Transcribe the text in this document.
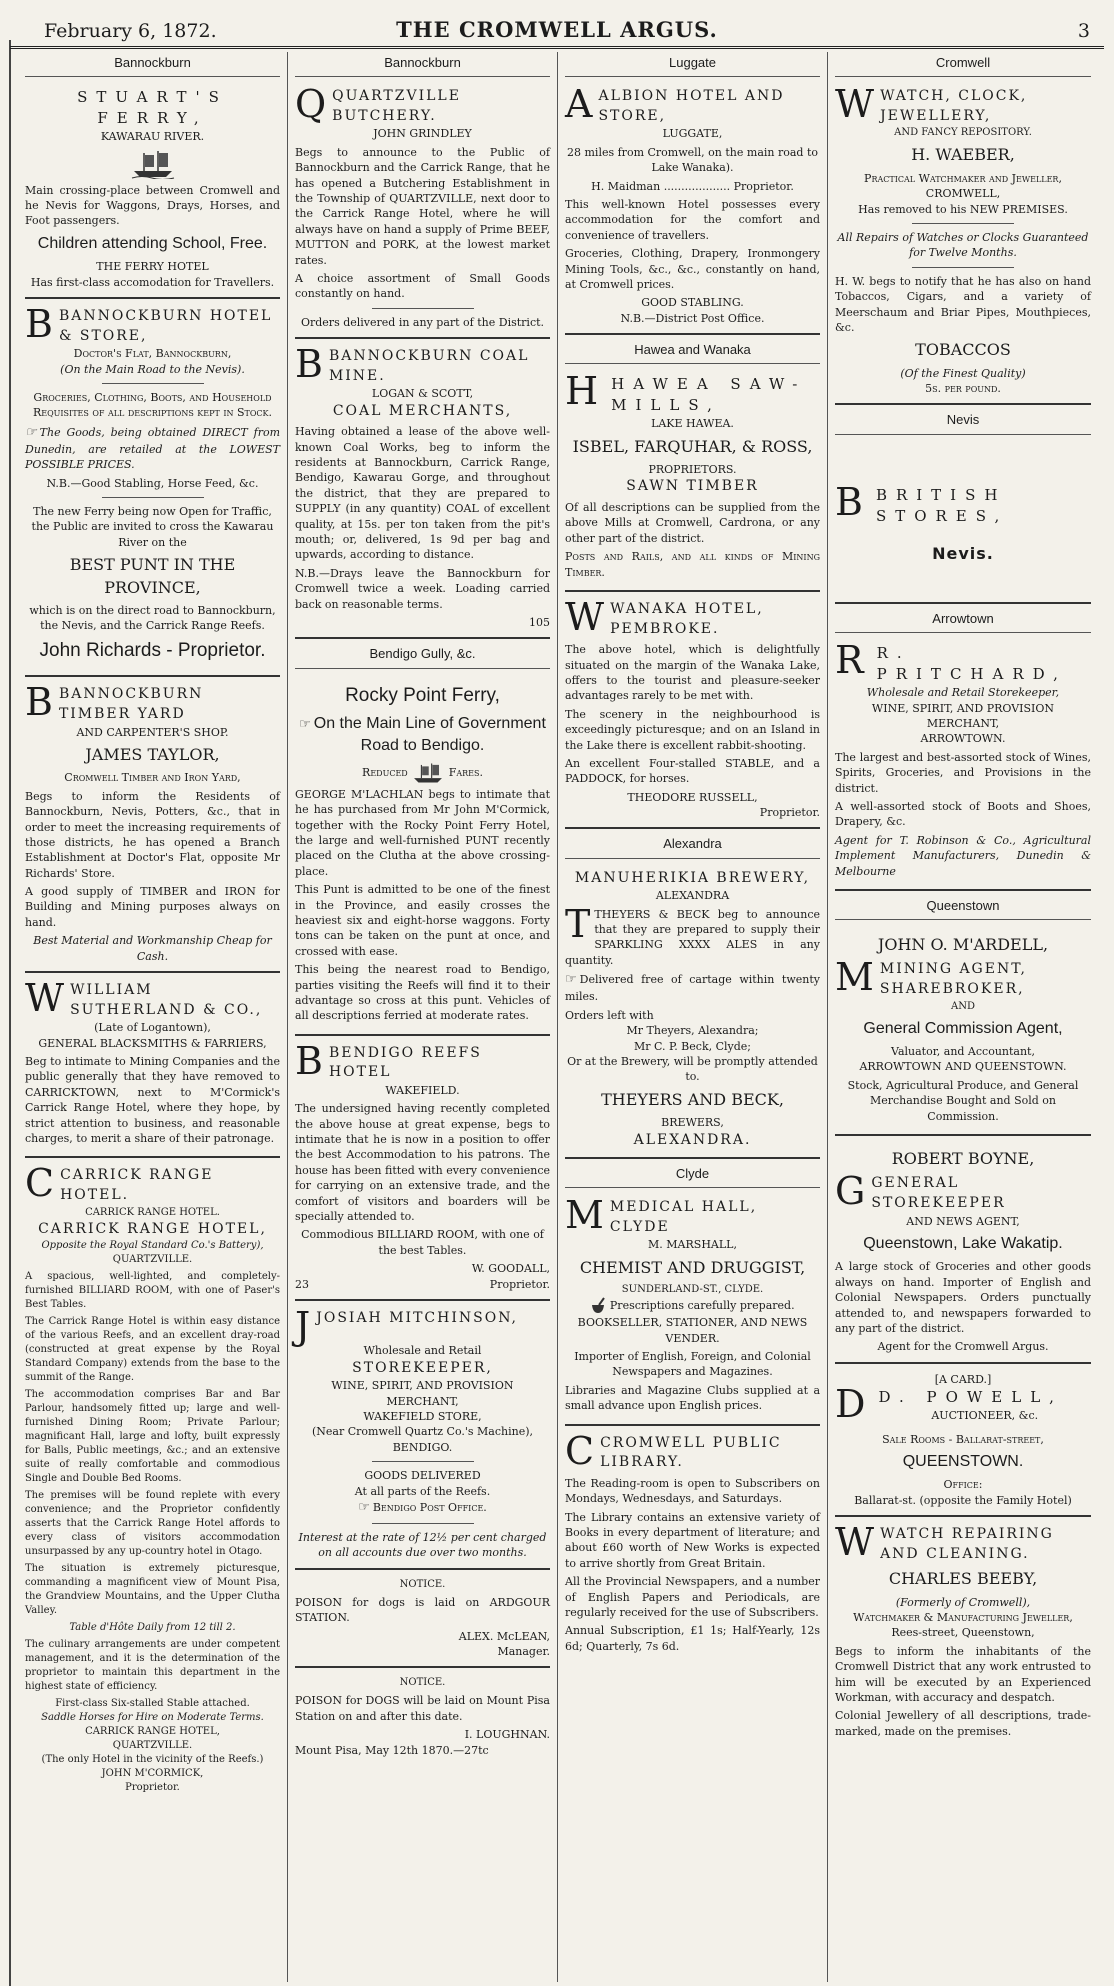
February 6, 1872.	THE CROMWELL ARGUS.	3
Bannockburn
STUART'S FERRY,
KAWARAU RIVER.

Main crossing-place between Cromwell and he Nevis for Waggons, Drays, Horses, and Foot passengers.

Children attending School, Free.
THE FERRY HOTEL
Has first-class accomodation for Travellers.
BBANNOCKBURN HOTEL & STORE,
Doctor's Flat, Bannockburn,
(On the Main Road to the Nevis).

Groceries, Clothing, Boots, and Household Requisites of all descriptions kept in Stock.

☞ The Goods, being obtained DIRECT from Dunedin, are retailed at the LOWEST POSSIBLE PRICES.

N.B.—Good Stabling, Horse Feed, &c.

The new Ferry being now Open for Traffic, the Public are invited to cross the Kawarau River on the

BEST PUNT IN THE PROVINCE,

which is on the direct road to Bannockburn, the Nevis, and the Carrick Range Reefs.

John Richards - Proprietor.
BBANNOCKBURN TIMBER YARD
AND CARPENTER'S SHOP.
JAMES TAYLOR,
Cromwell Timber and Iron Yard,

Begs to inform the Residents of Bannockburn, Nevis, Potters, &c., that in order to meet the increasing requirements of those districts, he has opened a Branch Establishment at Doctor's Flat, opposite Mr Richards' Store.

A good supply of TIMBER and IRON for Building and Mining purposes always on hand.

Best Material and Workmanship Cheap for Cash.
WWILLIAM SUTHERLAND & CO.,
(Late of Logantown),
GENERAL BLACKSMITHS & FARRIERS,

Beg to intimate to Mining Companies and the public generally that they have removed to CARRICKTOWN, next to M'Cormick's Carrick Range Hotel, where they hope, by strict attention to business, and reasonable charges, to merit a share of their patronage.

CCARRICK RANGE HOTEL.
CARRICK RANGE HOTEL.
CARRICK RANGE HOTEL,
Opposite the Royal Standard Co.'s Battery),
QUARTZVILLE.

A spacious, well-lighted, and completely-furnished BILLIARD ROOM, with one of Paser's Best Tables.

The Carrick Range Hotel is within easy distance of the various Reefs, and an excellent dray-road (constructed at great expense by the Royal Standard Company) extends from the base to the summit of the Range.

The accommodation comprises Bar and Bar Parlour, handsomely fitted up; large and well-furnished Dining Room; Private Parlour; magnificant Hall, large and lofty, built expressly for Balls, Public meetings, &c.; and an extensive suite of really comfortable and commodious Single and Double Bed Rooms.

The premises will be found replete with every convenience; and the Proprietor confidently asserts that the Carrick Range Hotel affords to every class of visitors accommodation unsurpassed by any up-country hotel in Otago.

The situation is extremely picturesque, commanding a magnificent view of Mount Pisa, the Grandview Mountains, and the Upper Clutha Valley.

Table d'Hôte Daily from 12 till 2.

The culinary arrangements are under competent management, and it is the determination of the proprietor to maintain this department in the highest state of efficiency.

First-class Six-stalled Stable attached.
Saddle Horses for Hire on Moderate Terms.
CARRICK RANGE HOTEL,
QUARTZVILLE.
(The only Hotel in the vicinity of the Reefs.)
JOHN M'CORMICK,
Proprietor.
Bannockburn
QQUARTZVILLE BUTCHERY.
JOHN GRINDLEY

Begs to announce to the Public of Bannockburn and the Carrick Range, that he has opened a Butchering Establishment in the Township of QUARTZVILLE, next door to the Carrick Range Hotel, where he will always have on hand a supply of Prime BEEF, MUTTON and PORK, at the lowest market rates.

A choice assortment of Small Goods constantly on hand.

Orders delivered in any part of the District.
BBANNOCKBURN COAL MINE.
LOGAN & SCOTT,
COAL MERCHANTS,

Having obtained a lease of the above well-known Coal Works, beg to inform the residents at Bannockburn, Carrick Range, Bendigo, Kawarau Gorge, and throughout the district, that they are prepared to SUPPLY (in any quantity) COAL of excellent quality, at 15s. per ton taken from the pit's mouth; or, delivered, 1s 9d per bag and upwards, according to distance.

N.B.—Drays leave the Bannockburn for Cromwell twice a week. Loading carried back on reasonable terms.

105
Bendigo Gully, &c.
Rocky Point Ferry,
☞ On the Main Line of Government Road to Bendigo.
Reduced	Fares.

GEORGE M'LACHLAN begs to intimate that he has purchased from Mr John M'Cormick, together with the Rocky Point Ferry Hotel, the large and well-furnished PUNT recently placed on the Clutha at the above crossing-place.

This Punt is admitted to be one of the finest in the Province, and easily crosses the heaviest six and eight-horse waggons. Forty tons can be taken on the punt at once, and crossed with ease.

This being the nearest road to Bendigo, parties visiting the Reefs will find it to their advantage so cross at this punt. Vehicles of all descriptions ferried at moderate rates.

BBENDIGO REEFS HOTEL
WAKEFIELD.

The undersigned having recently completed the above house at great expense, begs to intimate that he is now in a position to offer the best Accommodation to his patrons. The house has been fitted with every convenience for carrying on an extensive trade, and the comfort of visitors and boarders will be specially attended to.

Commodious BILLIARD ROOM, with one of the best Tables.

W. GOODALL,
23	Proprietor.
JJOSIAH MITCHINSON,
Wholesale and Retail
STOREKEEPER,
WINE, SPIRIT, AND PROVISION MERCHANT,
WAKEFIELD STORE,
(Near Cromwell Quartz Co.'s Machine),
BENDIGO.
GOODS DELIVERED
At all parts of the Reefs.
☞ Bendigo Post Office.
Interest at the rate of 12½ per cent charged on all accounts due over two months.
NOTICE.

POISON for dogs is laid on ARDGOUR STATION.

ALEX. McLEAN,
Manager.
NOTICE.

POISON for DOGS will be laid on Mount Pisa Station on and after this date.

I. LOUGHNAN.
Mount Pisa, May 12th 1870.—27tc
Luggate
AALBION HOTEL AND STORE,
LUGGATE,

28 miles from Cromwell, on the main road to Lake Wanaka).

H. Maidman ................... Proprietor.

This well-known Hotel possesses every accommodation for the comfort and convenience of travellers.

Groceries, Clothing, Drapery, Ironmongery Mining Tools, &c., &c., constantly on hand, at Cromwell prices.

GOOD STABLING.
N.B.—District Post Office.
Hawea and Wanaka
HHAWEA SAW-MILLS,
LAKE HAWEA.
ISBEL, FARQUHAR, & ROSS,
PROPRIETORS.
SAWN TIMBER

Of all descriptions can be supplied from the above Mills at Cromwell, Cardrona, or any other part of the district.

Posts and Rails, and all kinds of Mining Timber.

WWANAKA HOTEL, PEMBROKE.

The above hotel, which is delightfully situated on the margin of the Wanaka Lake, offers to the tourist and pleasure-seeker advantages rarely to be met with.

The scenery in the neighbourhood is exceedingly picturesque; and on an Island in the Lake there is excellent rabbit-shooting.

An excellent Four-stalled STABLE, and a PADDOCK, for horses.

THEODORE RUSSELL,
Proprietor.
Alexandra
MANUHERIKIA BREWERY,
ALEXANDRA

TTHEYERS & BECK beg to announce that they are prepared to supply their SPARKLING XXXX ALES in any quantity.

☞ Delivered free of cartage within twenty miles.

Orders left with
Mr Theyers, Alexandra;
Mr C. P. Beck, Clyde;
Or at the Brewery, will be promptly attended to.
THEYERS AND BECK,
BREWERS,
ALEXANDRA.
Clyde
MMEDICAL HALL, CLYDE
M. MARSHALL,
CHEMIST AND DRUGGIST,
SUNDERLAND-ST., CLYDE.
Prescriptions carefully prepared.
BOOKSELLER, STATIONER, AND NEWS VENDER.

Importer of English, Foreign, and Colonial Newspapers and Magazines.

Libraries and Magazine Clubs supplied at a small advance upon English prices.

CCROMWELL PUBLIC LIBRARY.

The Reading-room is open to Subscribers on Mondays, Wednesdays, and Saturdays.

The Library contains an extensive variety of Books in every department of literature; and about £60 worth of New Works is expected to arrive shortly from Great Britain.

All the Provincial Newspapers, and a number of English Papers and Periodicals, are regularly received for the use of Subscribers.

Annual Subscription, £1 1s; Half-Yearly, 12s 6d; Quarterly, 7s 6d.

Cromwell
WWATCH, CLOCK, JEWELLERY,
AND FANCY REPOSITORY.
H. WAEBER,
Practical Watchmaker and Jeweller,
CROMWELL,
Has removed to his NEW PREMISES.

All Repairs of Watches or Clocks Guaranteed for Twelve Months.

H. W. begs to notify that he has also on hand Tobaccos, Cigars, and a variety of Meerschaum and Briar Pipes, Mouthpieces, &c.

TOBACCOS
(Of the Finest Quality)
5s. per pound.
Nevis
BBRITISH STORES,
Nevis.
Arrowtown
R R. PRITCHARD,
Wholesale and Retail Storekeeper,
WINE, SPIRIT, AND PROVISION MERCHANT,
ARROWTOWN.

The largest and best-assorted stock of Wines, Spirits, Groceries, and Provisions in the district.

A well-assorted stock of Boots and Shoes, Drapery, &c.

Agent for T. Robinson & Co., Agricultural Implement Manufacturers, Dunedin & Melbourne

Queenstown
JOHN O. M'ARDELL,
MMINING AGENT, SHAREBROKER,
AND
General Commission Agent,
Valuator, and Accountant,
ARROWTOWN AND QUEENSTOWN.

Stock, Agricultural Produce, and General Merchandise Bought and Sold on Commission.

ROBERT BOYNE,
GGENERAL STOREKEEPER
AND NEWS AGENT,
Queenstown, Lake Wakatip.

A large stock of Groceries and other goods always on hand. Importer of English and Colonial Newspapers. Orders punctually attended to, and newspapers forwarded to any part of the district.

Agent for the Cromwell Argus.
[A CARD.]
D D. POWELL,
AUCTIONEER, &c.
Sale Rooms - Ballarat-street,
QUEENSTOWN.
Office:
Ballarat-st. (opposite the Family Hotel)
WWATCH REPAIRING AND CLEANING.
CHARLES BEEBY,
(Formerly of Cromwell),
Watchmaker & Manufacturing Jeweller,
Rees-street, Queenstown,

Begs to inform the inhabitants of the Cromwell District that any work entrusted to him will be executed by an Experienced Workman, with accuracy and despatch.

Colonial Jewellery of all descriptions, trade-marked, made on the premises.
